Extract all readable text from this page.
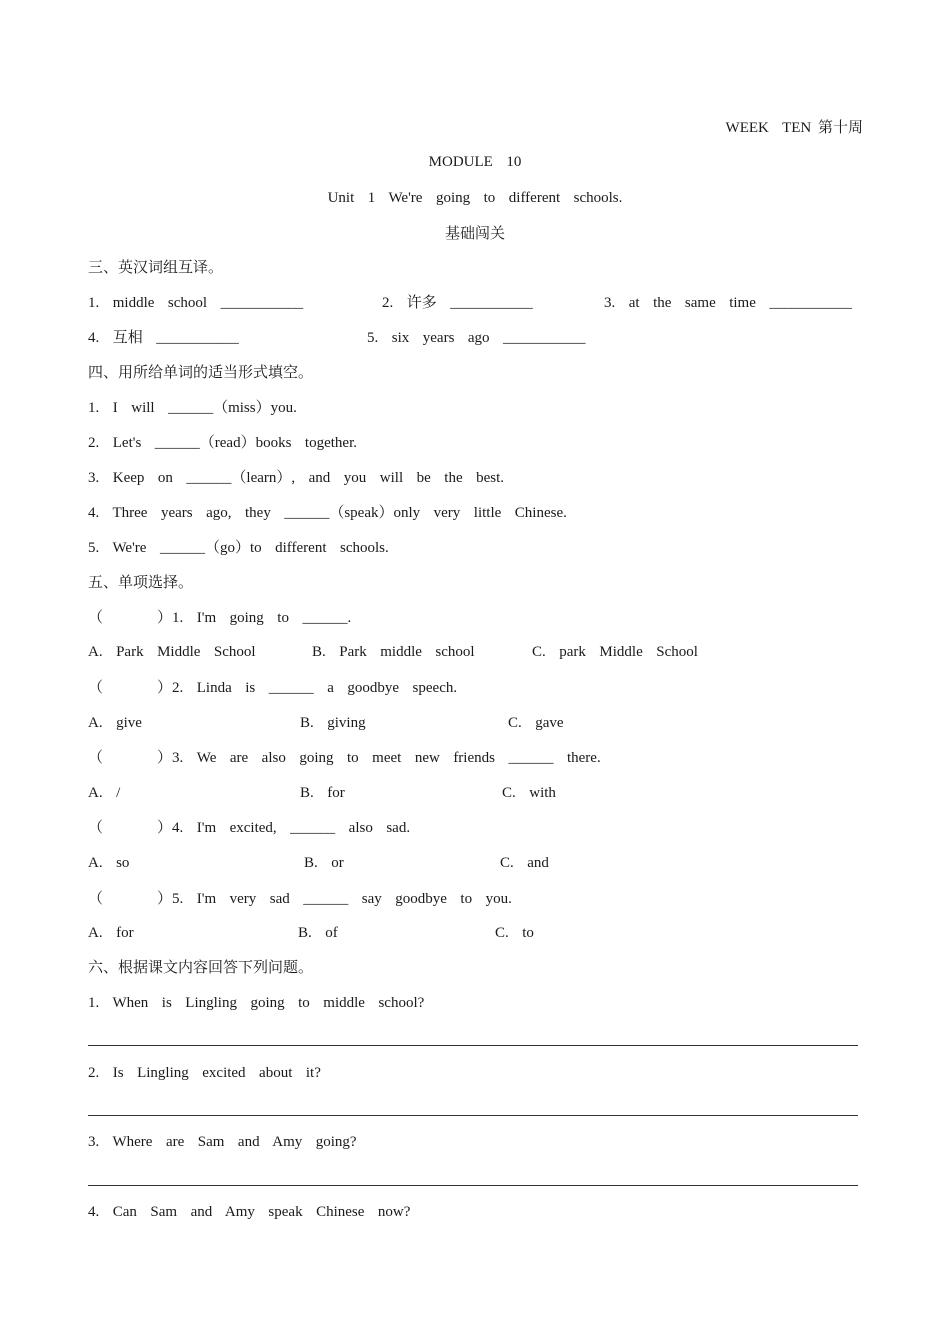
WEEK  TEN 第十周
MODULE  10
Unit  1  We're  going  to  different  schools.
基础闯关
三、英汉词组互译。
1.  middle  school  ___________	2.  许多  ___________	3.  at  the  same  time  ___________
4.  互相  ___________	5.  six  years  ago  ___________
四、用所给单词的适当形式填空。
1.  I  will  ______（miss）you.
2.  Let's  ______（read）books  together.
3.  Keep  on  ______（learn）,  and  you  will  be  the  best.
4.  Three  years  ago,  they  ______（speak）only  very  little  Chinese.
5.  We're  ______（go）to  different  schools.
五、单项选择。
（        ）1.  I'm  going  to  ______.
A.  Park  Middle  School	B.  Park  middle  school	C.  park  Middle  School
（        ）2.  Linda  is  ______  a  goodbye  speech.
A.  give	B.  giving	C.  gave
（        ）3.  We  are  also  going  to  meet  new  friends  ______  there.
A.  /	B.  for	C.  with
（        ）4.  I'm  excited,  ______  also  sad.
A.  so	B.  or	C.  and
（        ）5.  I'm  very  sad  ______  say  goodbye  to  you.
A.  for	B.  of	C.  to
六、根据课文内容回答下列问题。
1.  When  is  Lingling  going  to  middle  school?
2.  Is  Lingling  excited  about  it?
3.  Where  are  Sam  and  Amy  going?
4.  Can  Sam  and  Amy  speak  Chinese  now?
